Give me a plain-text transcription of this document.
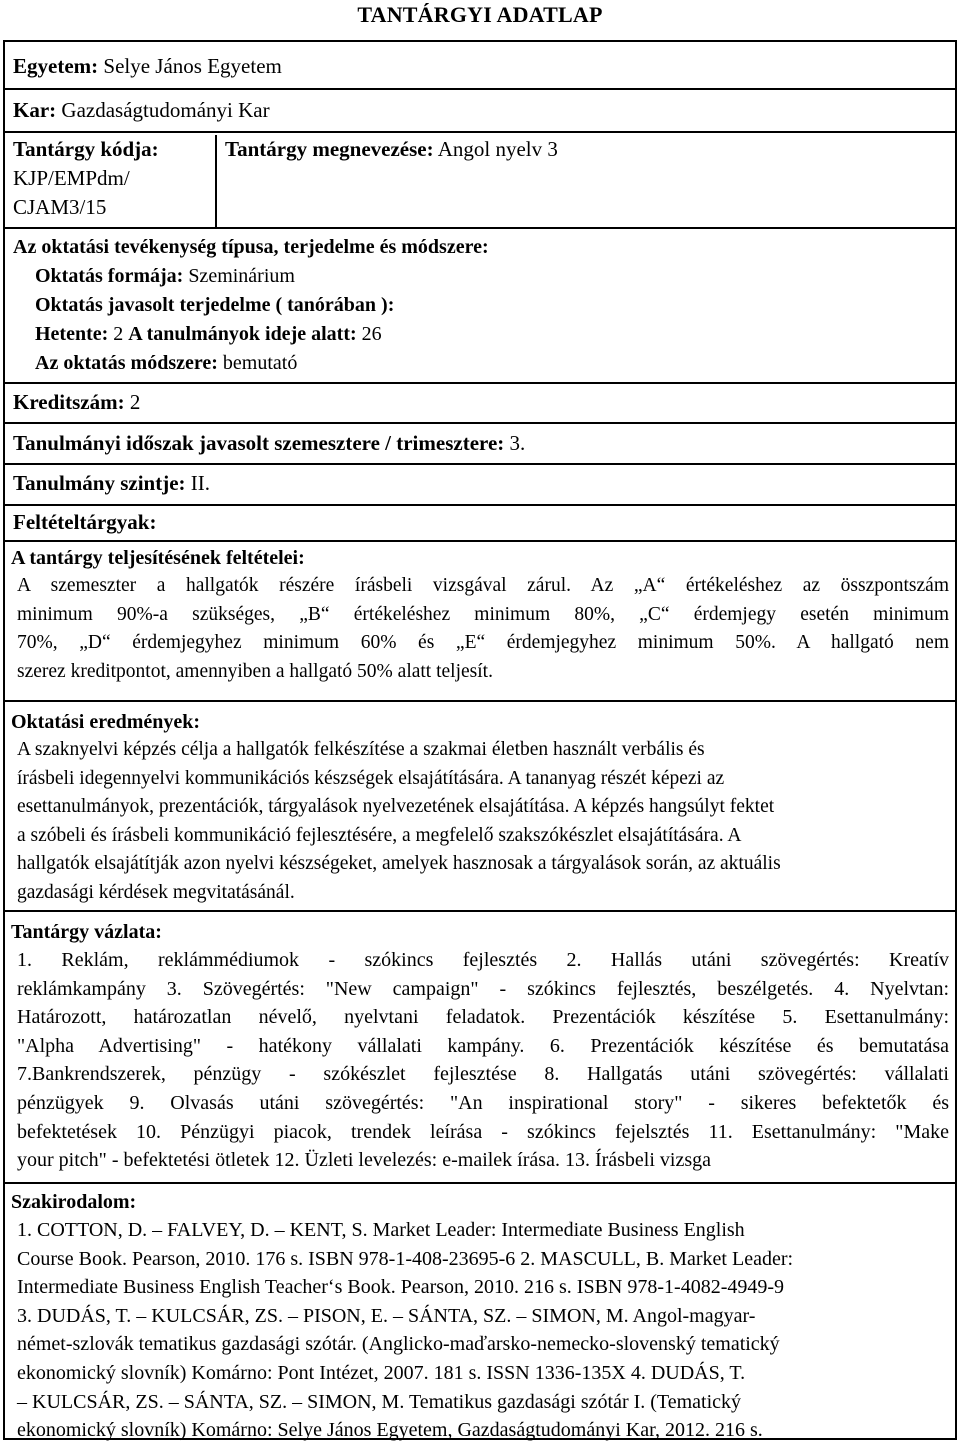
TANTÁRGYI ADATLAP
Egyetem: Selye János Egyetem
Kar: Gazdaságtudományi Kar
Tantárgy kódja:
KJP/EMPdm/
CJAM3/15
Tantárgy megnevezése: Angol nyelv 3
Az oktatási tevékenység típusa, terjedelme és módszere:
Oktatás formája: Szeminárium
Oktatás javasolt terjedelme ( tanórában ):
Hetente: 2 A tanulmányok ideje alatt: 26
Az oktatás módszere: bemutató
Kreditszám: 2
Tanulmányi időszak javasolt szemesztere / trimesztere: 3.
Tanulmány szintje: II.
Feltételtárgyak:
A tantárgy teljesítésének feltételei:
A szemeszter a hallgatók részére írásbeli vizsgával zárul. Az „A“ értékeléshez az összpontszám
minimum 90%-a szükséges, „B“ értékeléshez minimum 80%, „C“ érdemjegy esetén minimum
70%, „D“ érdemjegyhez minimum 60% és „E“ érdemjegyhez minimum 50%. A hallgató nem
szerez kreditpontot, amennyiben a hallgató 50% alatt teljesít.
Oktatási eredmények:
A szaknyelvi képzés célja a hallgatók felkészítése a szakmai életben használt verbális és
írásbeli idegennyelvi kommunikációs készségek elsajátítására. A tananyag részét képezi az
esettanulmányok, prezentációk, tárgyalások nyelvezetének elsajátítása. A képzés hangsúlyt fektet
a szóbeli és írásbeli kommunikáció fejlesztésére, a megfelelő szakszókészlet elsajátítására. A
hallgatók elsajátítják azon nyelvi készségeket, amelyek hasznosak a tárgyalások során, az aktuális
gazdasági kérdések megvitatásánál.
Tantárgy vázlata:
1. Reklám, reklámmédiumok - szókincs fejlesztés 2. Hallás utáni szövegértés: Kreatív
reklámkampány 3. Szövegértés: "New campaign" - szókincs fejlesztés, beszélgetés. 4. Nyelvtan:
Határozott, határozatlan névelő, nyelvtani feladatok. Prezentációk készítése 5. Esettanulmány:
"Alpha Advertising" - hatékony vállalati kampány. 6. Prezentációk készítése és bemutatása
7.Bankrendszerek, pénzügy - szókészlet fejlesztése 8. Hallgatás utáni szövegértés: vállalati
pénzügyek 9. Olvasás utáni szövegértés: "An inspirational story" - sikeres befektetők és
befektetések 10. Pénzügyi piacok, trendek leírása - szókincs fejelsztés 11. Esettanulmány: "Make
your pitch" - befektetési ötletek 12. Üzleti levelezés: e-mailek írása. 13. Írásbeli vizsga
Szakirodalom:
1. COTTON, D. – FALVEY, D. – KENT, S. Market Leader: Intermediate Business English
Course Book. Pearson, 2010. 176 s. ISBN 978-1-408-23695-6 2. MASCULL, B. Market Leader:
Intermediate Business English Teacher‘s Book. Pearson, 2010. 216 s. ISBN 978-1-4082-4949-9
3. DUDÁS, T. – KULCSÁR, ZS. – PISON, E. – SÁNTA, SZ. – SIMON, M. Angol-magyar-
német-szlovák tematikus gazdasági szótár. (Anglicko-maďarsko-nemecko-slovenský tematický
ekonomický slovník) Komárno: Pont Intézet, 2007. 181 s. ISSN 1336-135X 4. DUDÁS, T.
– KULCSÁR, ZS. – SÁNTA, SZ. – SIMON, M. Tematikus gazdasági szótár I. (Tematický
ekonomický slovník) Komárno: Selye János Egyetem, Gazdaságtudományi Kar, 2012. 216 s.
